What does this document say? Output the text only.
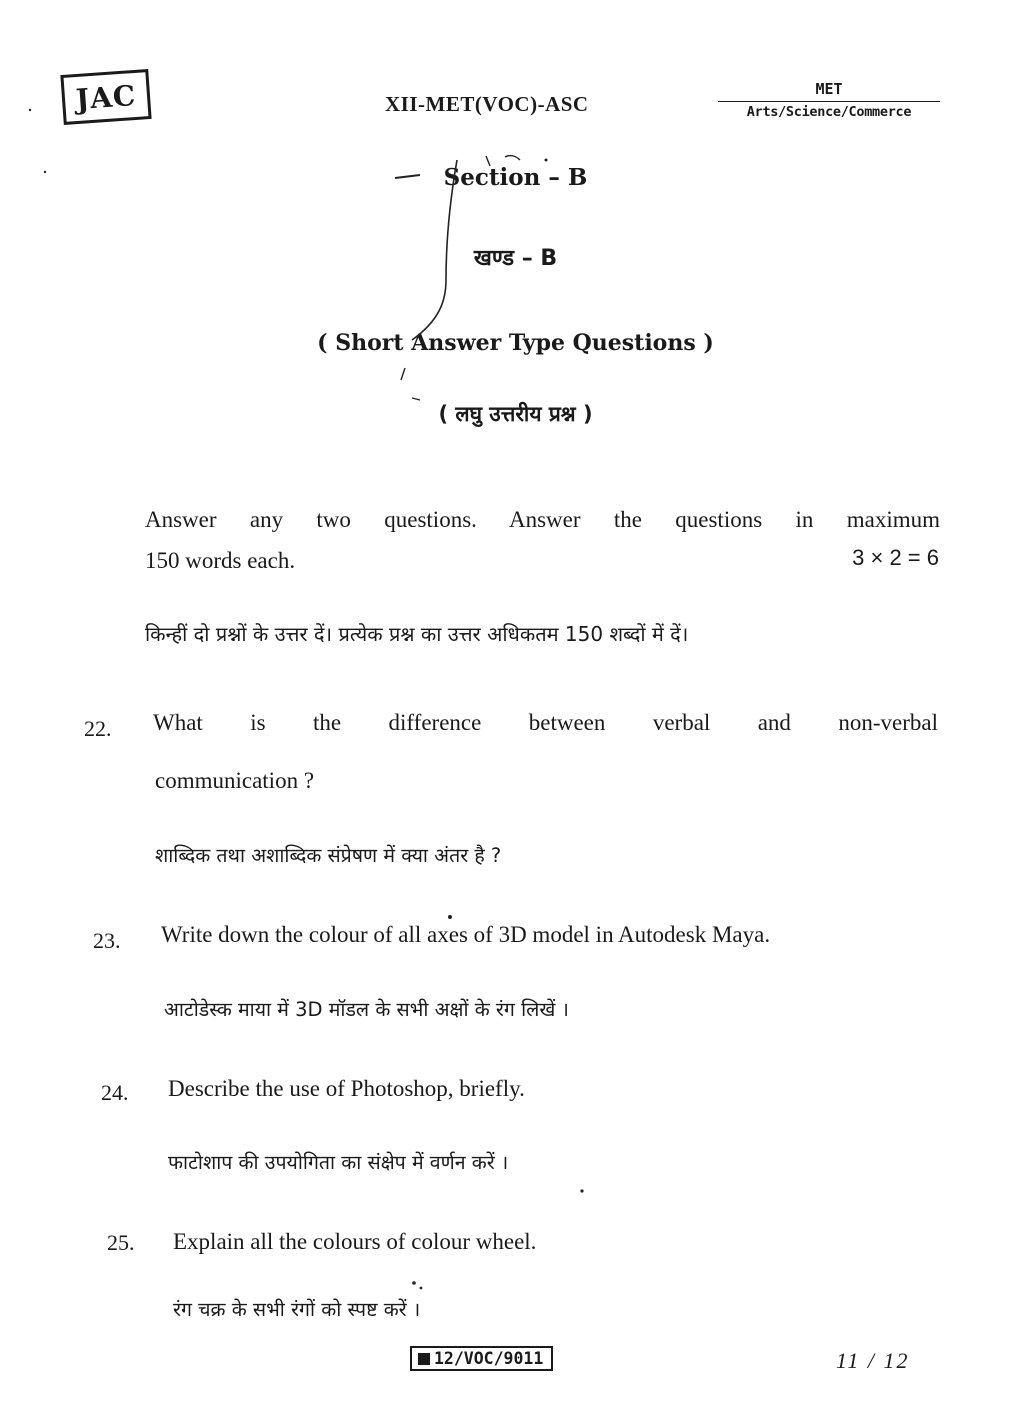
JAC	XII-MET(VOC)-ASC
MET
Arts/Science/Commerce
Section – B
खण्ड – B
( Short Answer Type Questions )
( लघु उत्तरीय प्रश्न )
Answer any two questions. Answer the questions in maximum
150 words each.	3 × 2 = 6
किन्हीं दो प्रश्नों के उत्तर दें। प्रत्येक प्रश्न का उत्तर अधिकतम 150 शब्दों में दें।
22. What is the difference between verbal and non-verbal
communication ?
शाब्दिक तथा अशाब्दिक संप्रेषण में क्या अंतर है ?
23. Write down the colour of all axes of 3D model in Autodesk Maya.
आटोडेस्क माया में 3D मॉडल के सभी अक्षों के रंग लिखें ।
24. Describe the use of Photoshop, briefly.
फाटोशाप की उपयोगिता का संक्षेप में वर्णन करें ।
25. Explain all the colours of colour wheel.
रंग चक्र के सभी रंगों को स्पष्ट करें ।
12/VOC/9011	11 / 12
